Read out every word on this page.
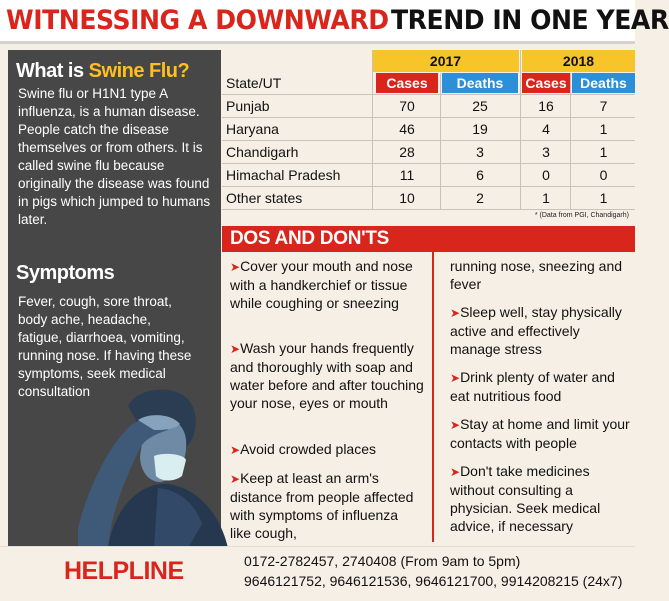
WITNESSING A DOWNWARD TREND IN ONE YEAR
What is Swine Flu?
Swine flu or H1N1 type A influenza, is a human disease. People catch the disease themselves or from others. It is called swine flu because originally the disease was found in pigs which jumped to humans later.
Symptoms
Fever, cough, sore throat, body ache, headache, fatigue, diarrhoea, vomiting, running nose. If having these symptoms, seek medical consultation
2017	2018
State/UT	Cases	Deaths	Cases Deaths
Punjab	70	25	16	7
Haryana	46	19	4	1
Chandigarh	28	3	3	1
Himachal Pradesh	11	6	0	0
Other states	10	2	1	1
* (Data from PGI, Chandigarh)
DOS AND DON'TS
➤Cover your mouth and nose with a handkerchief or tissue while coughing or sneezing
➤Wash your hands frequently and thoroughly with soap and water before and after touching your nose, eyes or mouth
➤Avoid crowded places
➤Keep at least an arm's distance from people affected with symptoms of influenza like cough,
running nose, sneezing and fever
➤Sleep well, stay physically active and effectively manage stress
➤Drink plenty of water and eat nutritious food
➤Stay at home and limit your contacts with people
➤Don't take medicines without consulting a physician. Seek medical advice, if necessary
HELPLINE	0172-2782457, 2740408 (From 9am to 5pm)
9646121752, 9646121536, 9646121700, 9914208215 (24x7)
